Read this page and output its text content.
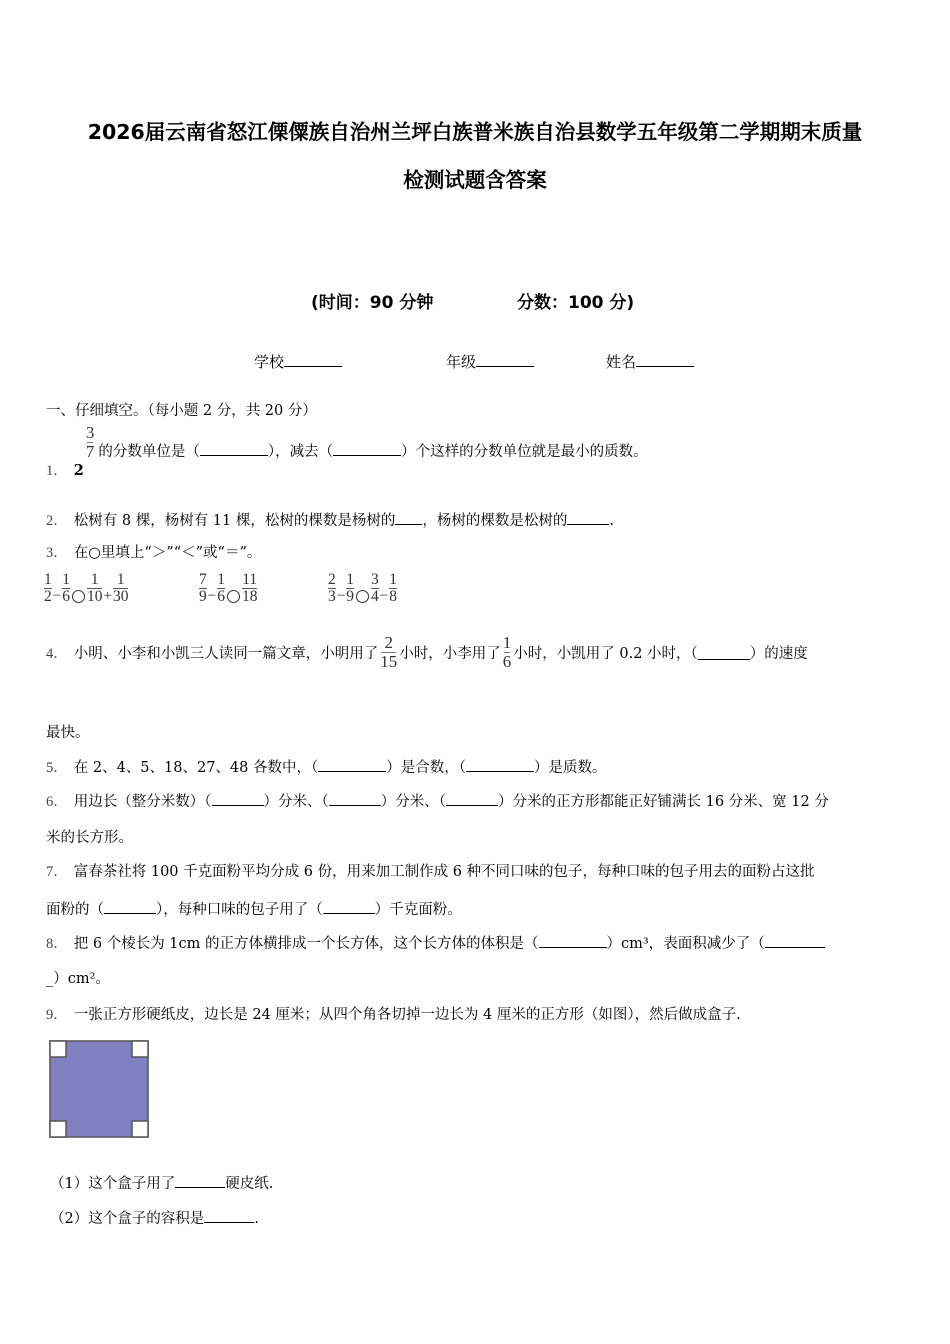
2026届云南省怒江傈僳族自治州兰坪白族普米族自治县数学五年级第二学期期末质量
检测试题含答案
(时间：90 分钟	分数：100 分)
学校	年级	姓名
一、仔细填空。（每小题 2 分，共 20 分）
1． 2
$\frac{3}{7}$ 的分数单位是（	），减去（	）个这样的分数单位就是最小的质数。
2． 松树有 8 棵，杨树有 11 棵，松树的棵数是杨树的 ，杨树的棵数是松树的	.
3． 在○里填上“＞”“＜”或“＝”。
1
$2 - \frac{1}{6} 1$
$10 + \frac{1}{30}$	7
$9 - \frac{1}{6} 11$
18
2
$3 - \frac{1}{9} 3$
$4 - \frac{1}{8}$
4． 小明、小李和小凯三人读同一篇文章，小明用了 $\frac{2}{15}$ 小时，小李用了 $\frac{1}{6}$ 小时，小凯用了 0.2 小时，（	）的速度
最快。
5． 在 2、4、5、18、27、48 各数中，（	）是合数，（	）是质数。
6． 用边长（整分米数）（	）分米、（	）分米、（	）分米的正方形都能正好铺满长 16 分米、宽 12 分
米的长方形。
7． 富春茶社将 100 千克面粉平均分成 6 份，用来加工制作成 6 种不同口味的包子，每种口味的包子用去的面粉占这批
面粉的（	），每种口味的包子用了（	）千克面粉。
8． 把 6 个棱长为 1cm 的正方体横排成一个长方体，这个长方体的体积是（	）cm³，表面积减少了（
_）cm²。
9． 一张正方形硬纸皮，边长是 24 厘米；从四个角各切掉一边长为 4 厘米的正方形（如图），然后做成盒子.
（1）这个盒子用了	硬皮纸.
（2）这个盒子的容积是	.
